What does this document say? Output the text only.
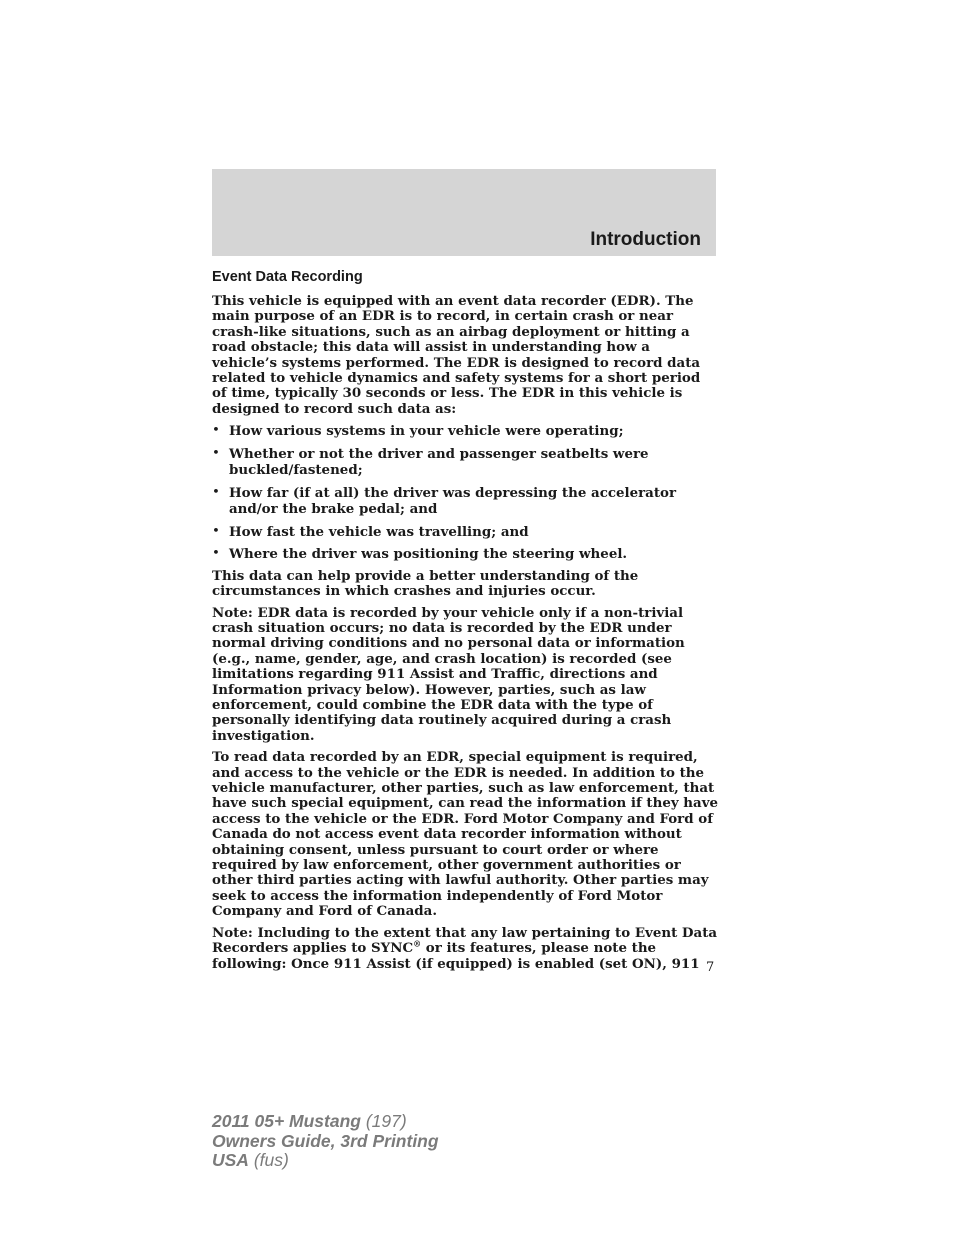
Introduction
Event Data Recording

This vehicle is equipped with an event data recorder (EDR). The main purpose of an EDR is to record, in certain crash or near crash-like situations, such as an airbag deployment or hitting a road obstacle; this data will assist in understanding how a vehicle’s systems performed. The EDR is designed to record data related to vehicle dynamics and safety systems for a short period of time, typically 30 seconds or less. The EDR in this vehicle is designed to record such data as:

• How various systems in your vehicle were operating;
• Whether or not the driver and passenger seatbelts were buckled/fastened;
• How far (if at all) the driver was depressing the accelerator and/or the brake pedal; and
• How fast the vehicle was travelling; and
• Where the driver was positioning the steering wheel.

This data can help provide a better understanding of the circumstances in which crashes and injuries occur.

Note: EDR data is recorded by your vehicle only if a non-trivial crash situation occurs; no data is recorded by the EDR under normal driving conditions and no personal data or information (e.g., name, gender, age, and crash location) is recorded (see limitations regarding 911 Assist and Traffic, directions and Information privacy below). However, parties, such as law enforcement, could combine the EDR data with the type of personally identifying data routinely acquired during a crash investigation.

To read data recorded by an EDR, special equipment is required, and access to the vehicle or the EDR is needed. In addition to the vehicle manufacturer, other parties, such as law enforcement, that have such special equipment, can read the information if they have access to the vehicle or the EDR. Ford Motor Company and Ford of Canada do not access event data recorder information without obtaining consent, unless pursuant to court order or where required by law enforcement, other government authorities or other third parties acting with lawful authority. Other parties may seek to access the information independently of Ford Motor Company and Ford of Canada.

Note: Including to the extent that any law pertaining to Event Data Recorders applies to SYNC® or its features, please note the following: Once 911 Assist (if equipped) is enabled (set ON), 911 7
2011 05+ Mustang (197)
Owners Guide, 3rd Printing
USA (fus)
